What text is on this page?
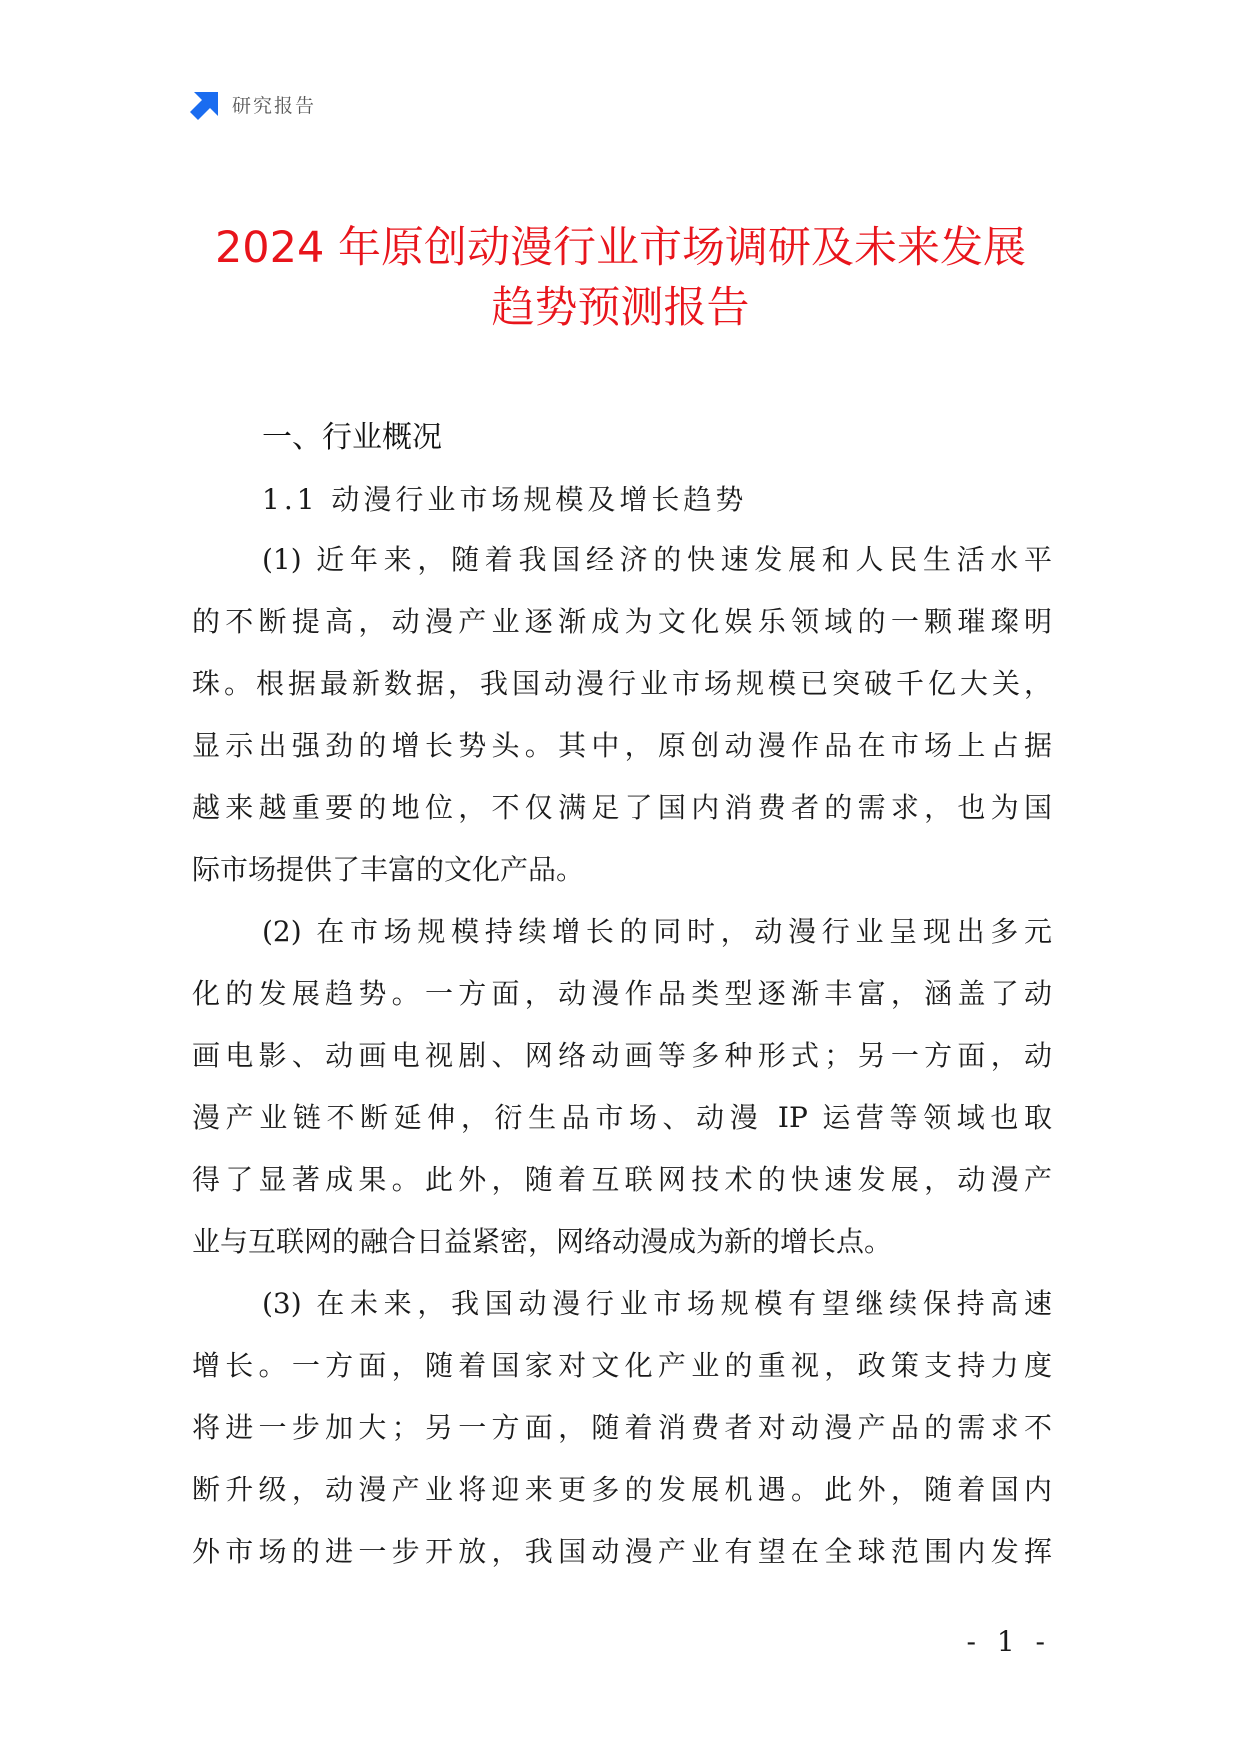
研究报告
2024 年原创动漫行业市场调研及未来发展
趋势预测报告
一、行业概况
1.1 动漫行业市场规模及增长趋势
(1) 近年来，随着我国经济的快速发展和人民生活水平
的不断提高，动漫产业逐渐成为文化娱乐领域的一颗璀璨明
珠。根据最新数据，我国动漫行业市场规模已突破千亿大关，
显示出强劲的增长势头。其中，原创动漫作品在市场上占据
越来越重要的地位，不仅满足了国内消费者的需求，也为国
际市场提供了丰富的文化产品。
(2) 在市场规模持续增长的同时，动漫行业呈现出多元
化的发展趋势。一方面，动漫作品类型逐渐丰富，涵盖了动
画电影、动画电视剧、网络动画等多种形式；另一方面，动
漫产业链不断延伸，衍生品市场、动漫 IP 运营等领域也取
得了显著成果。此外，随着互联网技术的快速发展，动漫产
业与互联网的融合日益紧密，网络动漫成为新的增长点。
(3) 在未来，我国动漫行业市场规模有望继续保持高速
增长。一方面，随着国家对文化产业的重视，政策支持力度
将进一步加大；另一方面，随着消费者对动漫产品的需求不
断升级，动漫产业将迎来更多的发展机遇。此外，随着国内
外市场的进一步开放，我国动漫产业有望在全球范围内发挥
- 1 -
